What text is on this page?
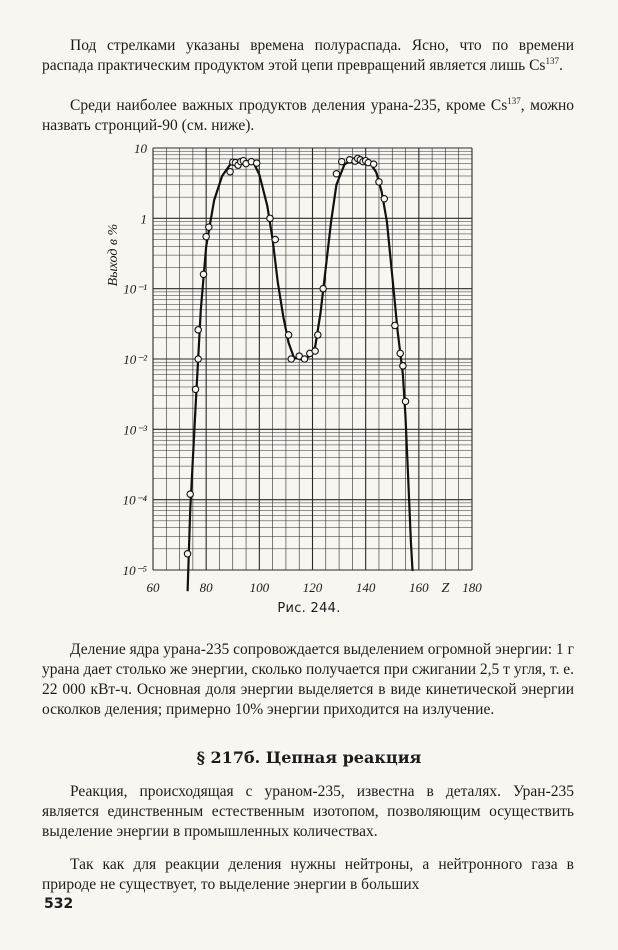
Под стрелками указаны времена полураспада. Ясно, что по времени распада практическим продуктом этой цепи превращений является лишь Cs$^{137}$.

Среди наиболее важных продуктов деления урана-235, кроме Cs$^{137}$, можно назвать стронций-90 (см. ниже).

10
1
10⁻¹
10⁻²
10⁻³
10⁻⁴
10⁻⁵
60	80	100	120	140	160	180
Z
Выход в %
Рис. 244.

Деление ядра урана-235 сопровождается выделением огромной энергии: 1 г урана дает столько же энергии, сколько получается при сжигании 2,5 т угля, т. е. 22 000 кВт-ч. Основная доля энергии выделяется в виде кинетической энергии осколков деления; примерно 10% энергии приходится на излучение.

§ 217б. Цепная реакция

Реакция, происходящая с ураном-235, известна в деталях. Уран-235 является единственным естественным изотопом, позволяющим осуществить выделение энергии в промышленных количествах.

Так как для реакции деления нужны нейтроны, а нейтронного газа в природе не существует, то выделение энергии в больших

532
